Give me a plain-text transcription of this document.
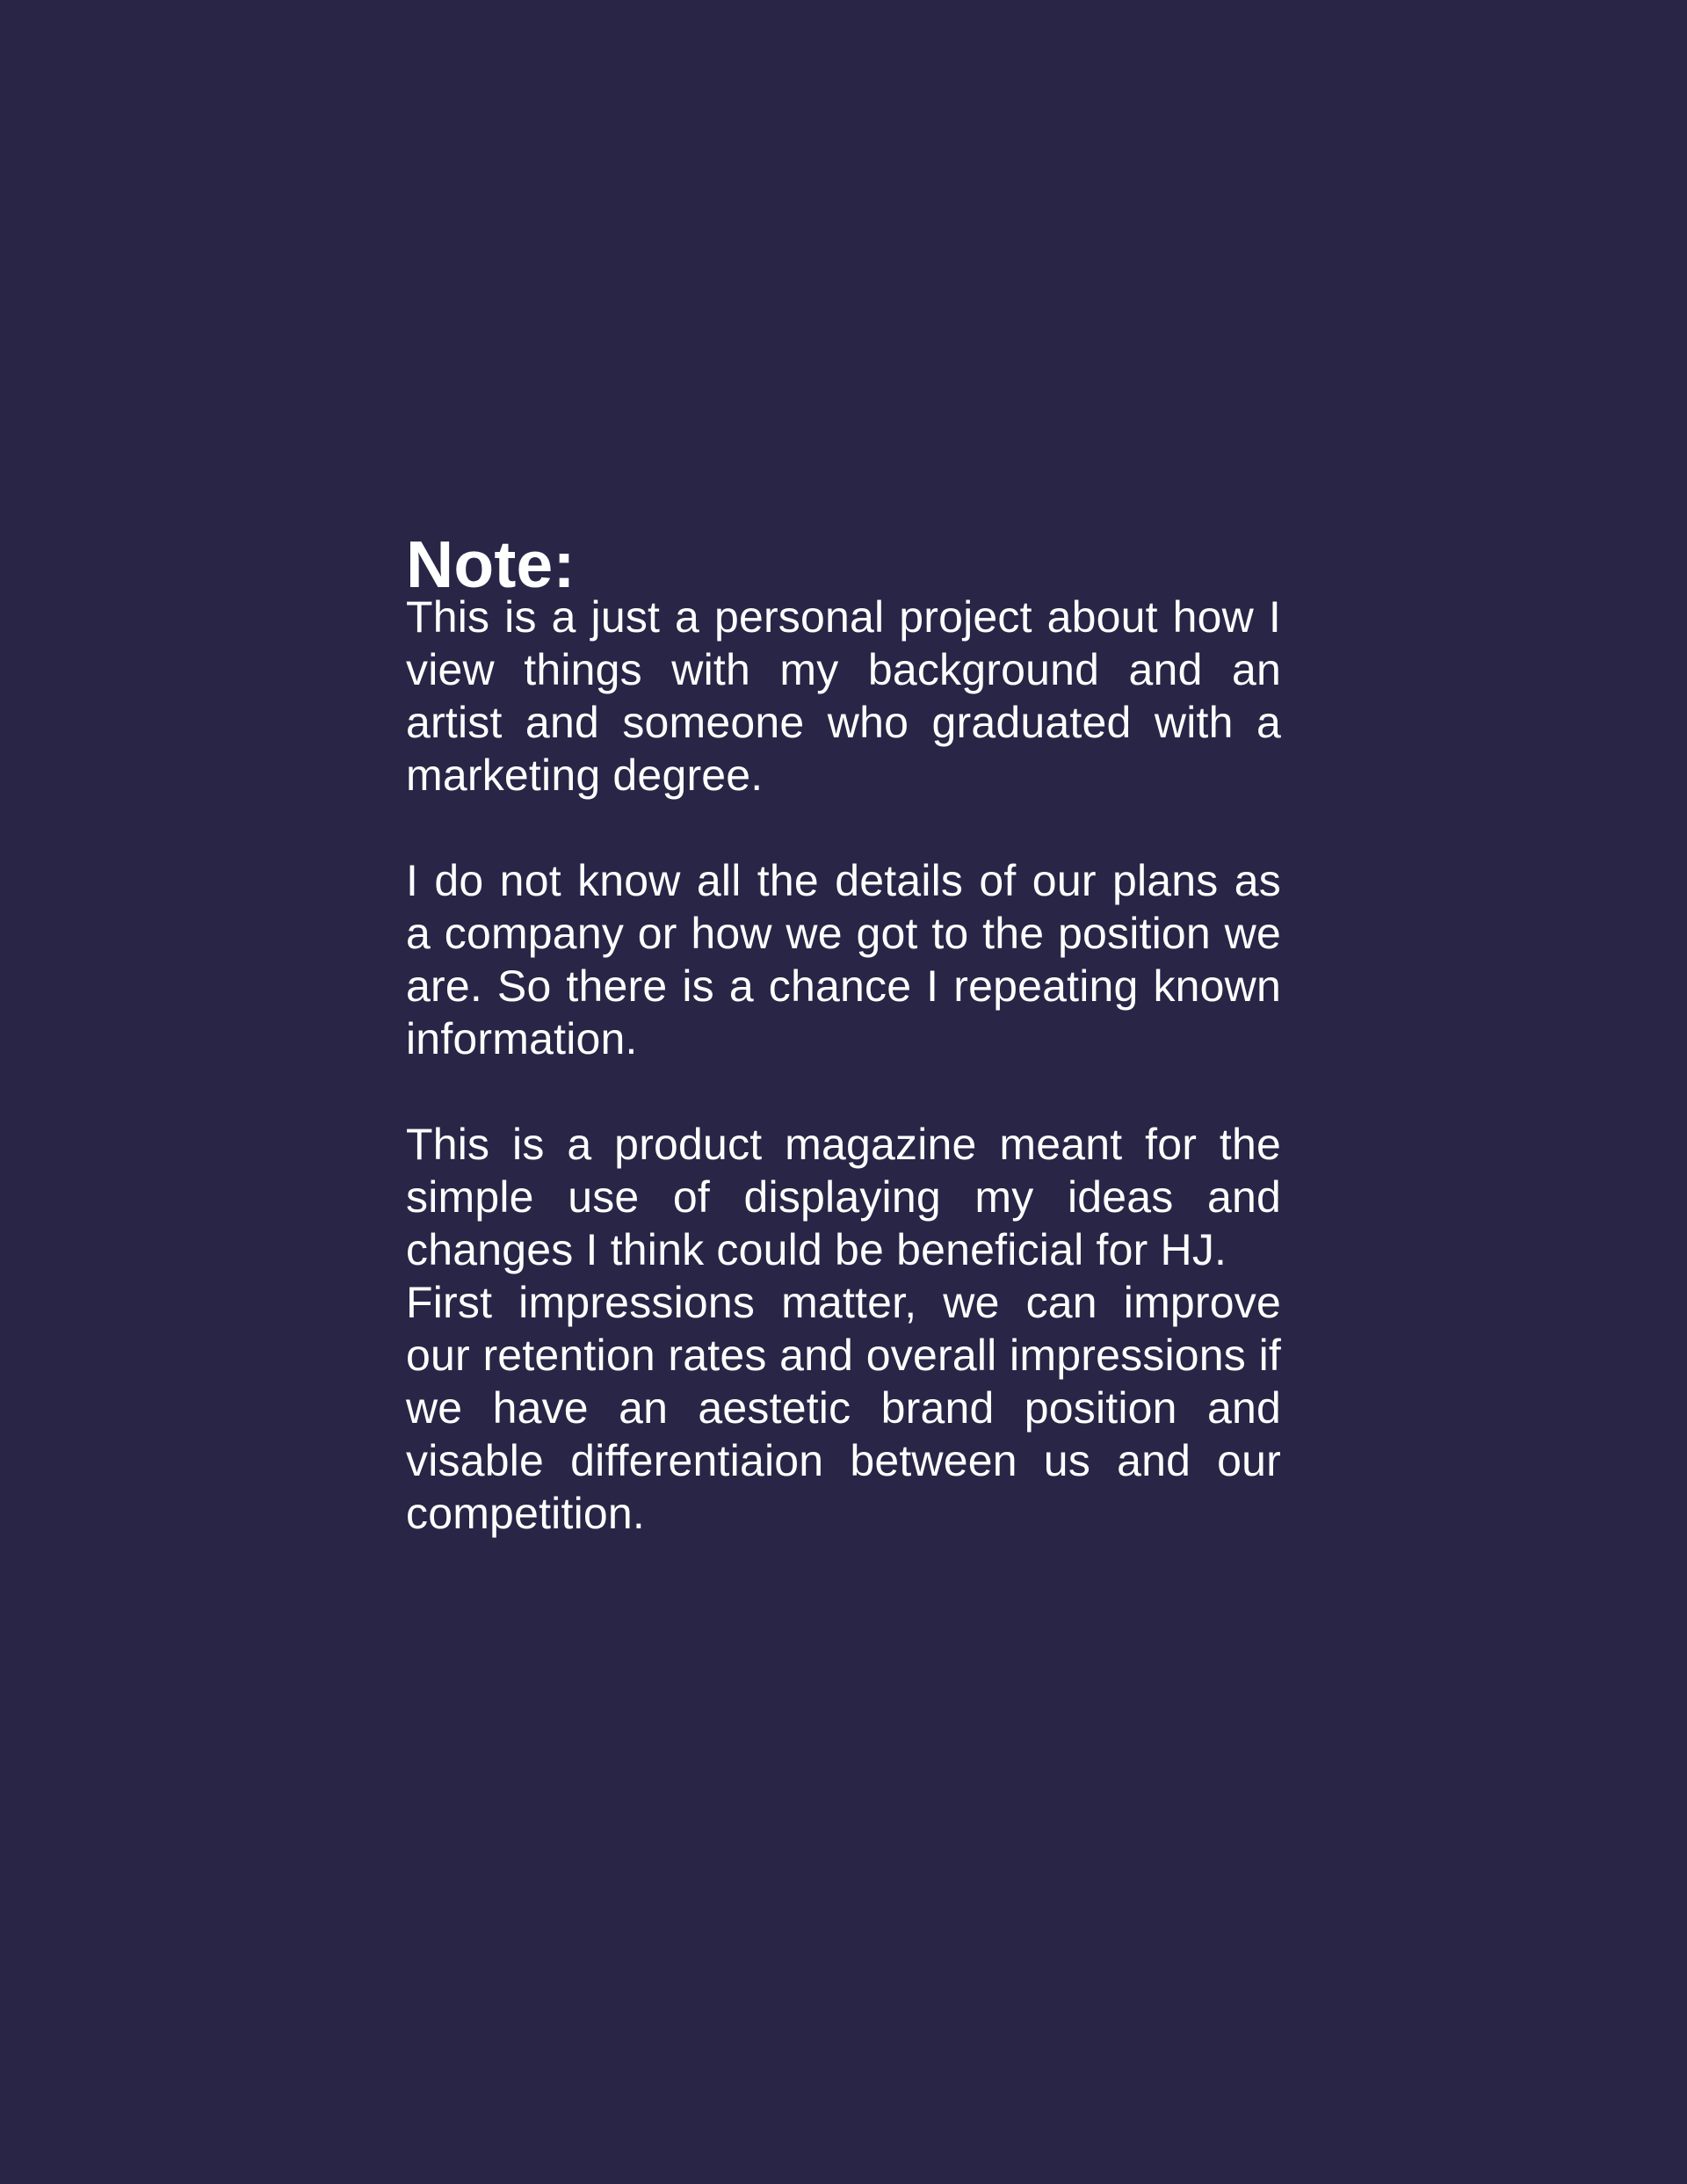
Note:

This is a just a personal project about how I view things with my background and an artist and someone who graduated with a marketing degree.

I do not know all the details of our plans as a company or how we got to the position we are. So there is a chance I repeating known information.

This is a product magazine meant for the simple use of displaying my ideas and changes I think could be beneficial for HJ.

First impressions matter, we can improve our retention rates and overall impressions if we have an aestetic brand position and visable differentiaion between us and our competition.
